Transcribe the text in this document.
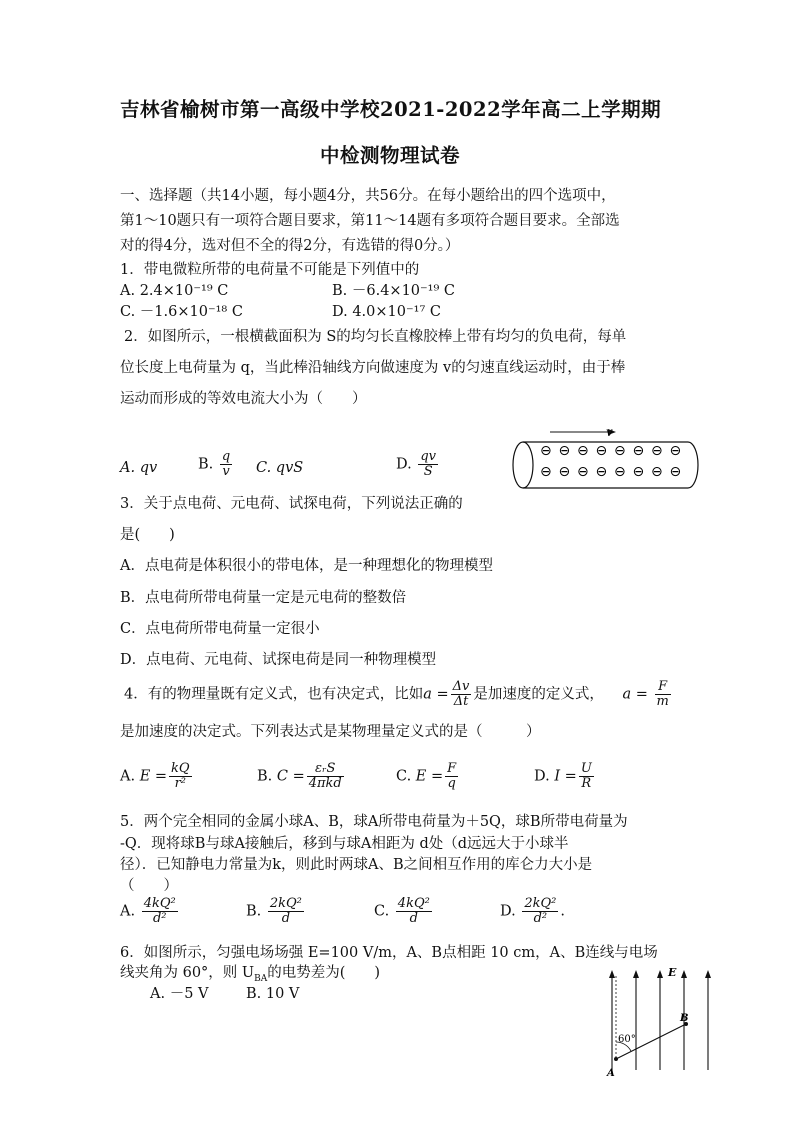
吉林省榆树市第一高级中学校2021-2022学年高二上学期期
中检测物理试卷
一、选择题（共14小题，每小题4分，共56分。在每小题给出的四个选项中，
第1～10题只有一项符合题目要求，第11～14题有多项符合题目要求。全部选
对的得4分，选对但不全的得2分，有选错的得0分。）
1．带电微粒所带的电荷量不可能是下列值中的
A. 2.4×10⁻¹⁹ C	B. －6.4×10⁻¹⁹ C
C. －1.6×10⁻¹⁸ C	D. 4.0×10⁻¹⁷ C
2．如图所示，一根横截面积为 S的均匀长直橡胶棒上带有均匀的负电荷，每单
位长度上电荷量为 q，当此棒沿轴线方向做速度为 v的匀速直线运动时，由于棒
运动而形成的等效电流大小为（　　）
A. qv	B. $\frac{q}{v} C$. qvS	D. $\frac{qv}{S}$
v
⊖ ⊖ ⊖ ⊖ ⊖ ⊖ ⊖ ⊖
⊖ ⊖ ⊖ ⊖ ⊖ ⊖ ⊖ ⊖
3．关于点电荷、元电荷、试探电荷，下列说法正确的
是(　　)
A．点电荷是体积很小的带电体，是一种理想化的物理模型
B．点电荷所带电荷量一定是元电荷的整数倍
C．点电荷所带电荷量一定很小
D．点电荷、元电荷、试探电荷是同一种物理模型
4．有的物理量既有定义式，也有决定式，比如$a = \frac{\Delta v}{\Delta t}$ 是加速度的定义式， $a = \frac{F}{m}$
是加速度的决定式。下列表达式是某物理量定义式的是（　　　）
A. $E = \frac{kQ}{\text{r²}}$	B. $C = \frac{\text{εᵣS}}{\text{4πkd}}$	C. $E = \frac{F}{q}$	D. $I = \frac{U}{R}$
5．两个完全相同的金属小球A、B，球A所带电荷量为＋5Q，球B所带电荷量为
-Q．现将球B与球A接触后，移到与球A相距为 d处（d远远大于小球半
径）．已知静电力常量为k，则此时两球A、B之间相互作用的库仑力大小是
（　　）
A. $\frac{\text{4kQ²}}{\text{d²}}$	B. $\frac{\text{2kQ²}}{d}$	C. $\frac{\text{4kQ²}}{d}$	D. $\frac{\text{2kQ²}}{\text{d²}}$ .
6．如图所示，匀强电场场强 E=100 V/m，A、B点相距 10 cm，A、B连线与电场
线夹角为 60°，则 $U_{BA}$的电势差为(　　)
A. －5 V	B. 10 V
E
A
B
60°
